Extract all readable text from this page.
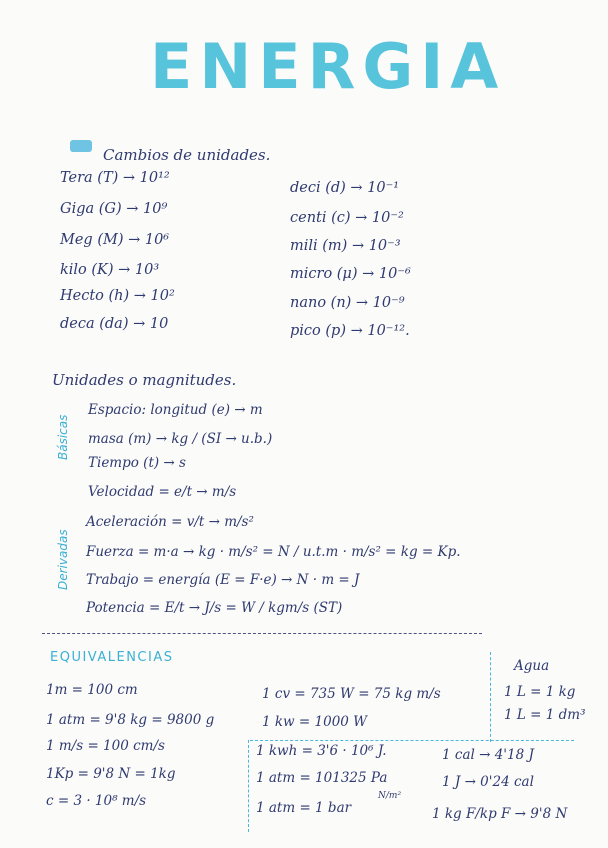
ENERGIA
Cambios de unidades.
Tera (T) → 10¹²
Giga (G) → 10⁹
Meg (M) → 10⁶
kilo (K) → 10³
Hecto (h) → 10²
deca (da) → 10
deci (d) → 10⁻¹
centi (c) → 10⁻²
mili (m) → 10⁻³
micro (μ) → 10⁻⁶
nano (n) → 10⁻⁹
pico (p) → 10⁻¹².
Unidades o magnitudes.
Básicas
Derivadas
Espacio: longitud (e) → m
masa (m) → kg / (SI → u.b.)
Tiempo (t) → s
Velocidad = e/t → m/s
Aceleración = v/t → m/s²
Fuerza = m·a → kg · m/s² = N / u.t.m · m/s² = kg = Kp.
Trabajo = energía (E = F·e) → N · m = J
Potencia = E/t → J/s = W / kgm/s (ST)
EQUIVALENCIAS
1m = 100 cm
1 atm = 9'8 kg = 9800 g
1 m/s = 100 cm/s
1Kp = 9'8 N = 1kg
c = 3 · 10⁸ m/s
1 cv = 735 W = 75 kg m/s
1 kw = 1000 W
Agua
1 L = 1 kg
1 L = 1 dm³
1 kwh = 3'6 · 10⁶ J.
1 atm = 101325 Pa
N/m²
1 atm = 1 bar
1 cal → 4'18 J
1 J → 0'24 cal
1 kg F/kp F → 9'8 N
